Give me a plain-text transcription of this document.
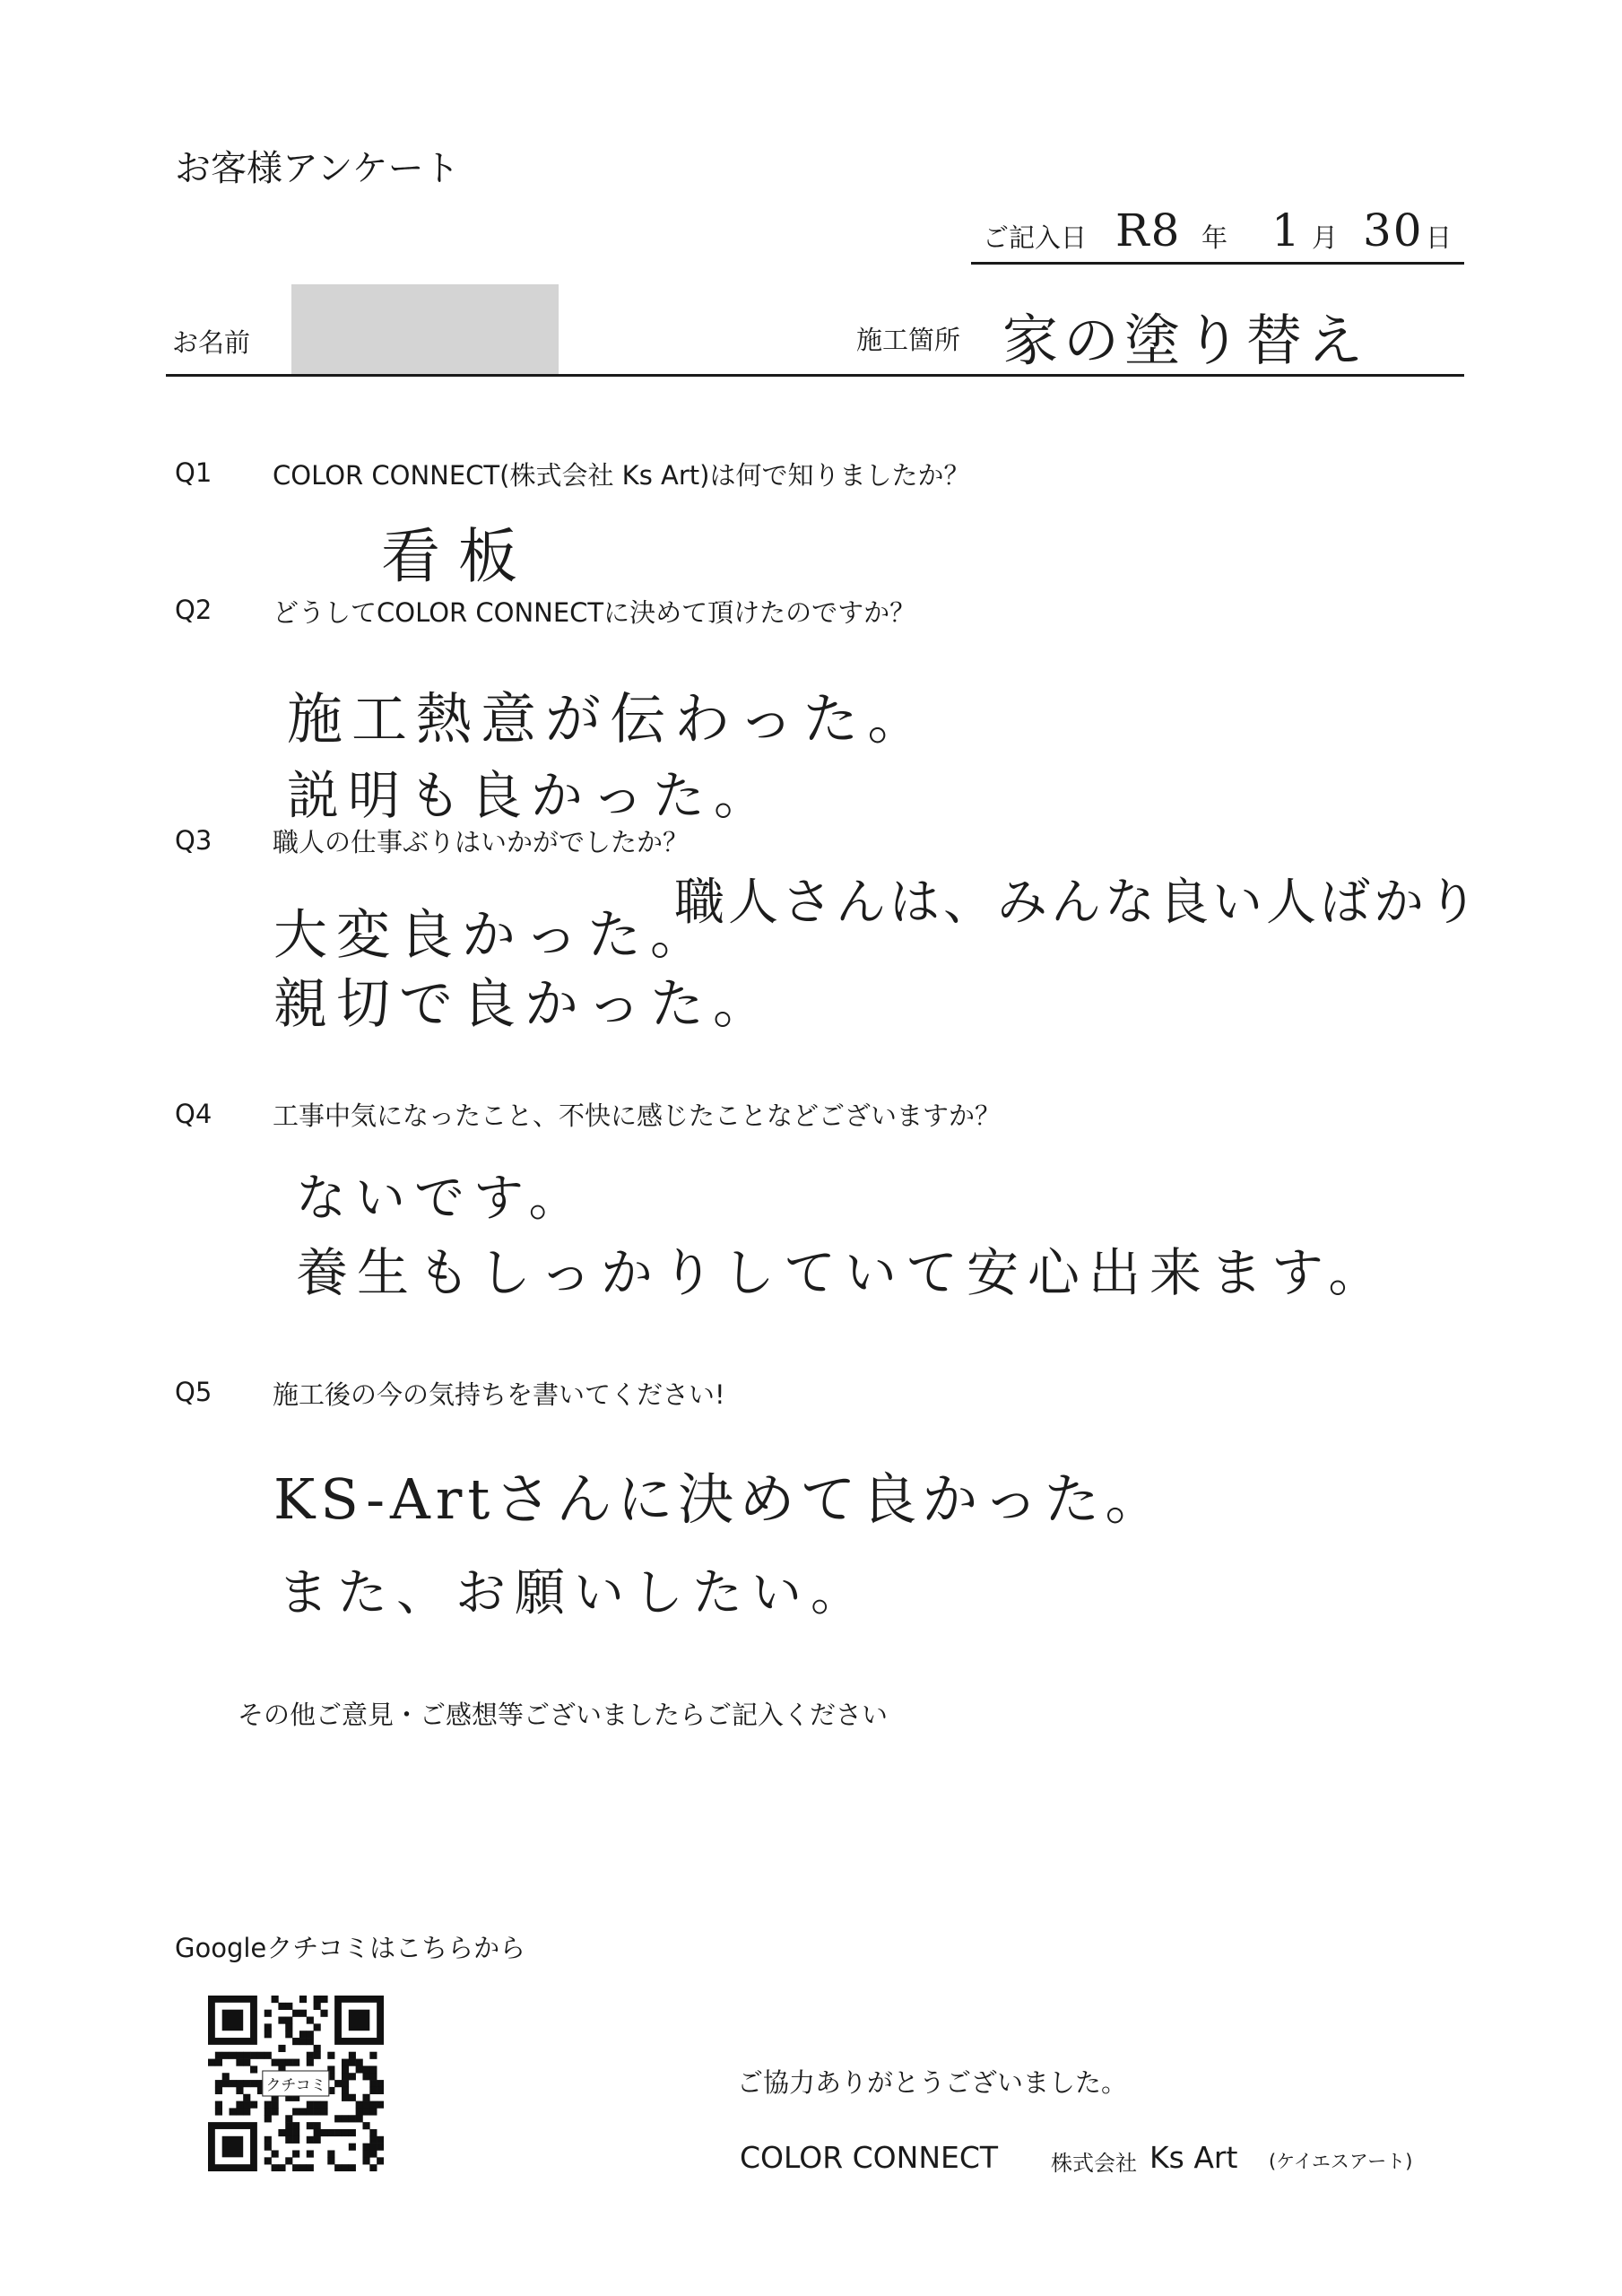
お客様アンケート
ご記入日 R8 年 1 月 30 日
お名前	施工箇所 家の塗り替え
Q1 COLOR CONNECT(株式会社 Ks Art)は何で知りましたか？
看板
Q2 どうしてCOLOR CONNECTに決めて頂けたのですか？
施工熱意が伝わった。
説明も良かった。
Q3 職人の仕事ぶりはいかがでしたか？
大変良かった。
職人さんは、みんな良い人ばかり
親切で良かった。
Q4 工事中気になったこと、不快に感じたことなどございますか？
ないです。
養生もしっかりしていて安心出来ます。
Q5 施工後の今の気持ちを書いてください!
KS-Artさんに決めて良かった。
また、お願いしたい。
その他ご意見・ご感想等ございましたらご記入ください
Googleクチコミはこちらから
クチコミ	ご協力ありがとうございました。
COLOR CONNECT 株式会社 Ks Art (ケイエスアート)
